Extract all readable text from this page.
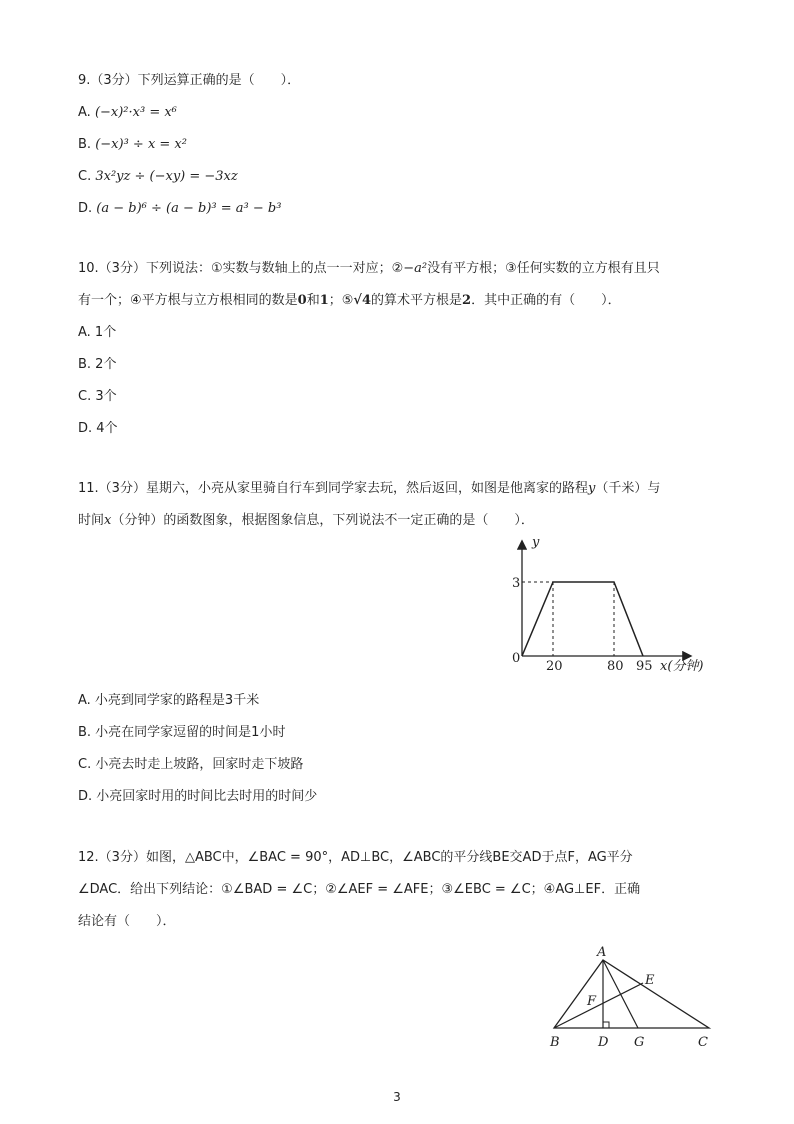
9.（3分）下列运算正确的是（　　）．
A. (−x)²·x³ = x⁶
B. (−x)³ ÷ x = x²
C. 3x²yz ÷ (−xy) = −3xz
D. (a − b)⁶ ÷ (a − b)³ = a³ − b³
10.（3分）下列说法：①实数与数轴上的点一一对应；②−a²没有平方根；③任何实数的立方根有且只
有一个；④平方根与立方根相同的数是0和1；⑤√4的算术平方根是2．其中正确的有（　　）．
A. 1个
B. 2个
C. 3个
D. 4个
11.（3分）星期六，小亮从家里骑自行车到同学家去玩，然后返回，如图是他离家的路程y（千米）与
时间x（分钟）的函数图象，根据图象信息，下列说法不一定正确的是（　　）．
y
3
0
20	80 95 x(分钟)
A. 小亮到同学家的路程是3千米
B. 小亮在同学家逗留的时间是1小时
C. 小亮去时走上坡路，回家时走下坡路
D. 小亮回家时用的时间比去时用的时间少
12.（3分）如图，△ABC中，∠BAC = 90°，AD⊥BC，∠ABC的平分线BE交AD于点F，AG平分
∠DAC．给出下列结论：①∠BAD = ∠C；②∠AEF = ∠AFE；③∠EBC = ∠C；④AG⊥EF．正确
结论有（　　）．
A
E
F
B	D G	C
3
